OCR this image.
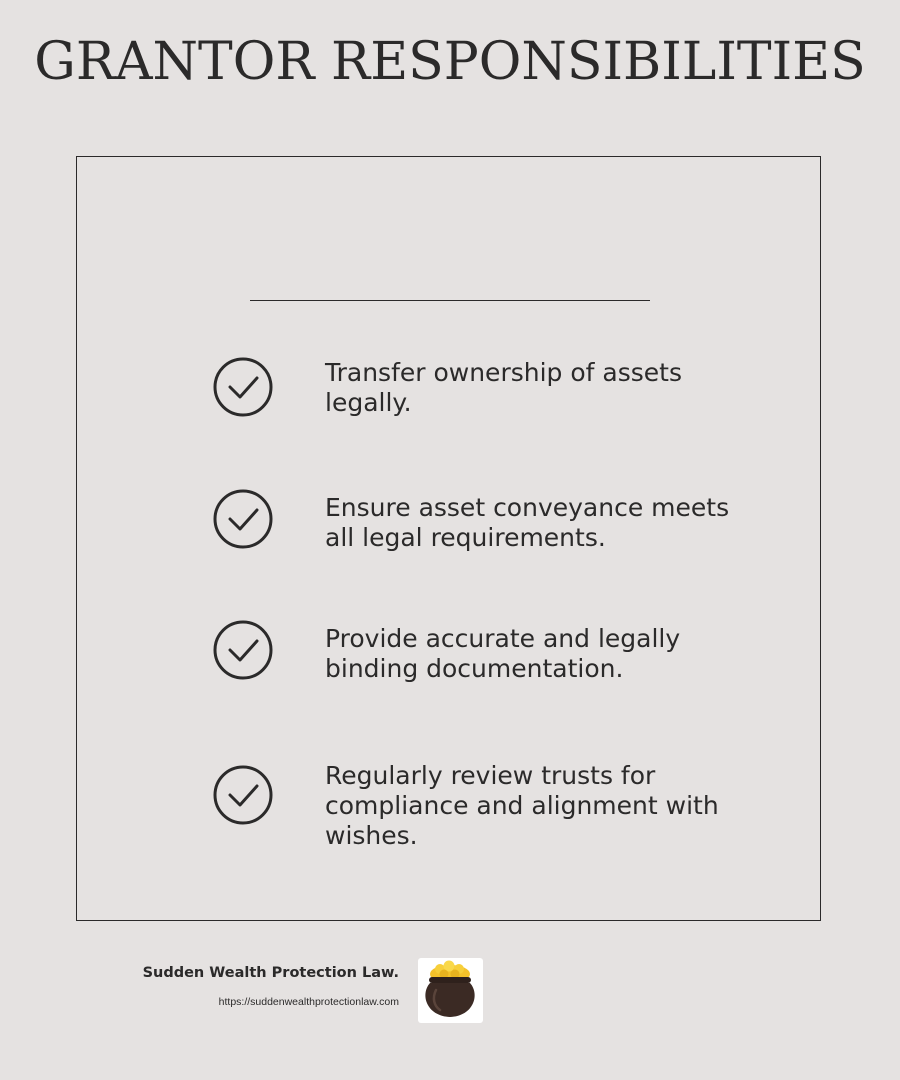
GRANTOR RESPONSIBILITIES

Transfer ownership of assets legally.

Ensure asset conveyance meets all legal requirements.

Provide accurate and legally binding documentation.

Regularly review trusts for compliance and alignment with wishes.

Sudden Wealth Protection Law.
https://suddenwealthprotectionlaw.com
